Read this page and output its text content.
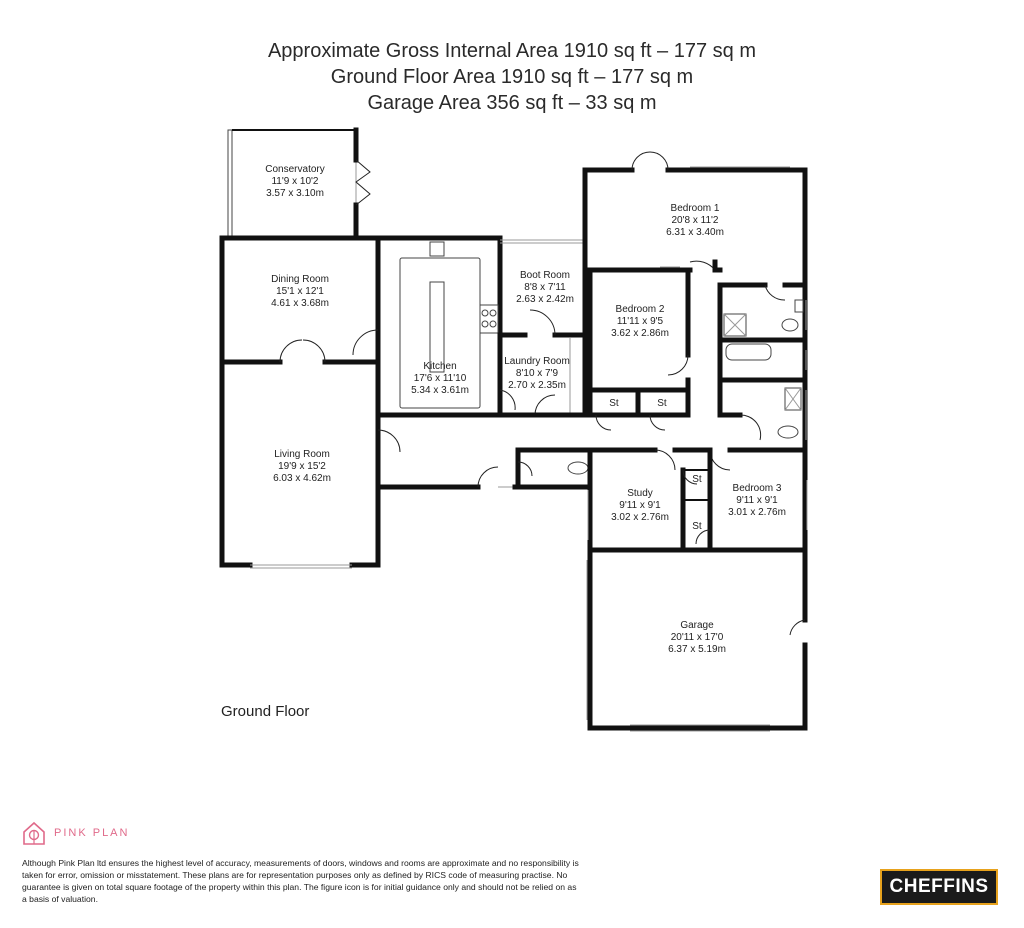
Approximate Gross Internal Area 1910 sq ft – 177 sq m
Ground Floor Area 1910 sq ft – 177 sq m
Garage Area 356 sq ft – 33 sq m
Conservatory
11'9 x 10'2
3.57 x 3.10m
Bedroom 1
20'8 x 11'2
6.31 x 3.40m
Dining Room
15'1 x 12'1
4.61 x 3.68m
Boot Room
8'8 x 7'11
2.63 x 2.42m
Bedroom 2
11'11 x 9'5
3.62 x 2.86m
Kitchen
17'6 x 11'10
5.34 x 3.61m
Laundry Room
8'10 x 7'9
2.70 x 2.35m
Living Room
19'9 x 15'2
6.03 x 4.62m
Study
9'11 x 9'1
3.02 x 2.76m
Bedroom 3
9'11 x 9'1
3.01 x 2.76m
Garage
20'11 x 17'0
6.37 x 5.19m
St	St
St
St
Ground Floor
PINK PLAN
Although Pink Plan ltd ensures the highest level of accuracy, measurements of doors, windows and rooms are approximate and no responsibility is taken for error, omission or misstatement. These plans are for representation purposes only as defined by RICS code of measuring practise. No guarantee is given on total square footage of the property within this plan. The figure icon is for initial guidance only and should not be relied on as a basis of valuation.
CHEFFINS
